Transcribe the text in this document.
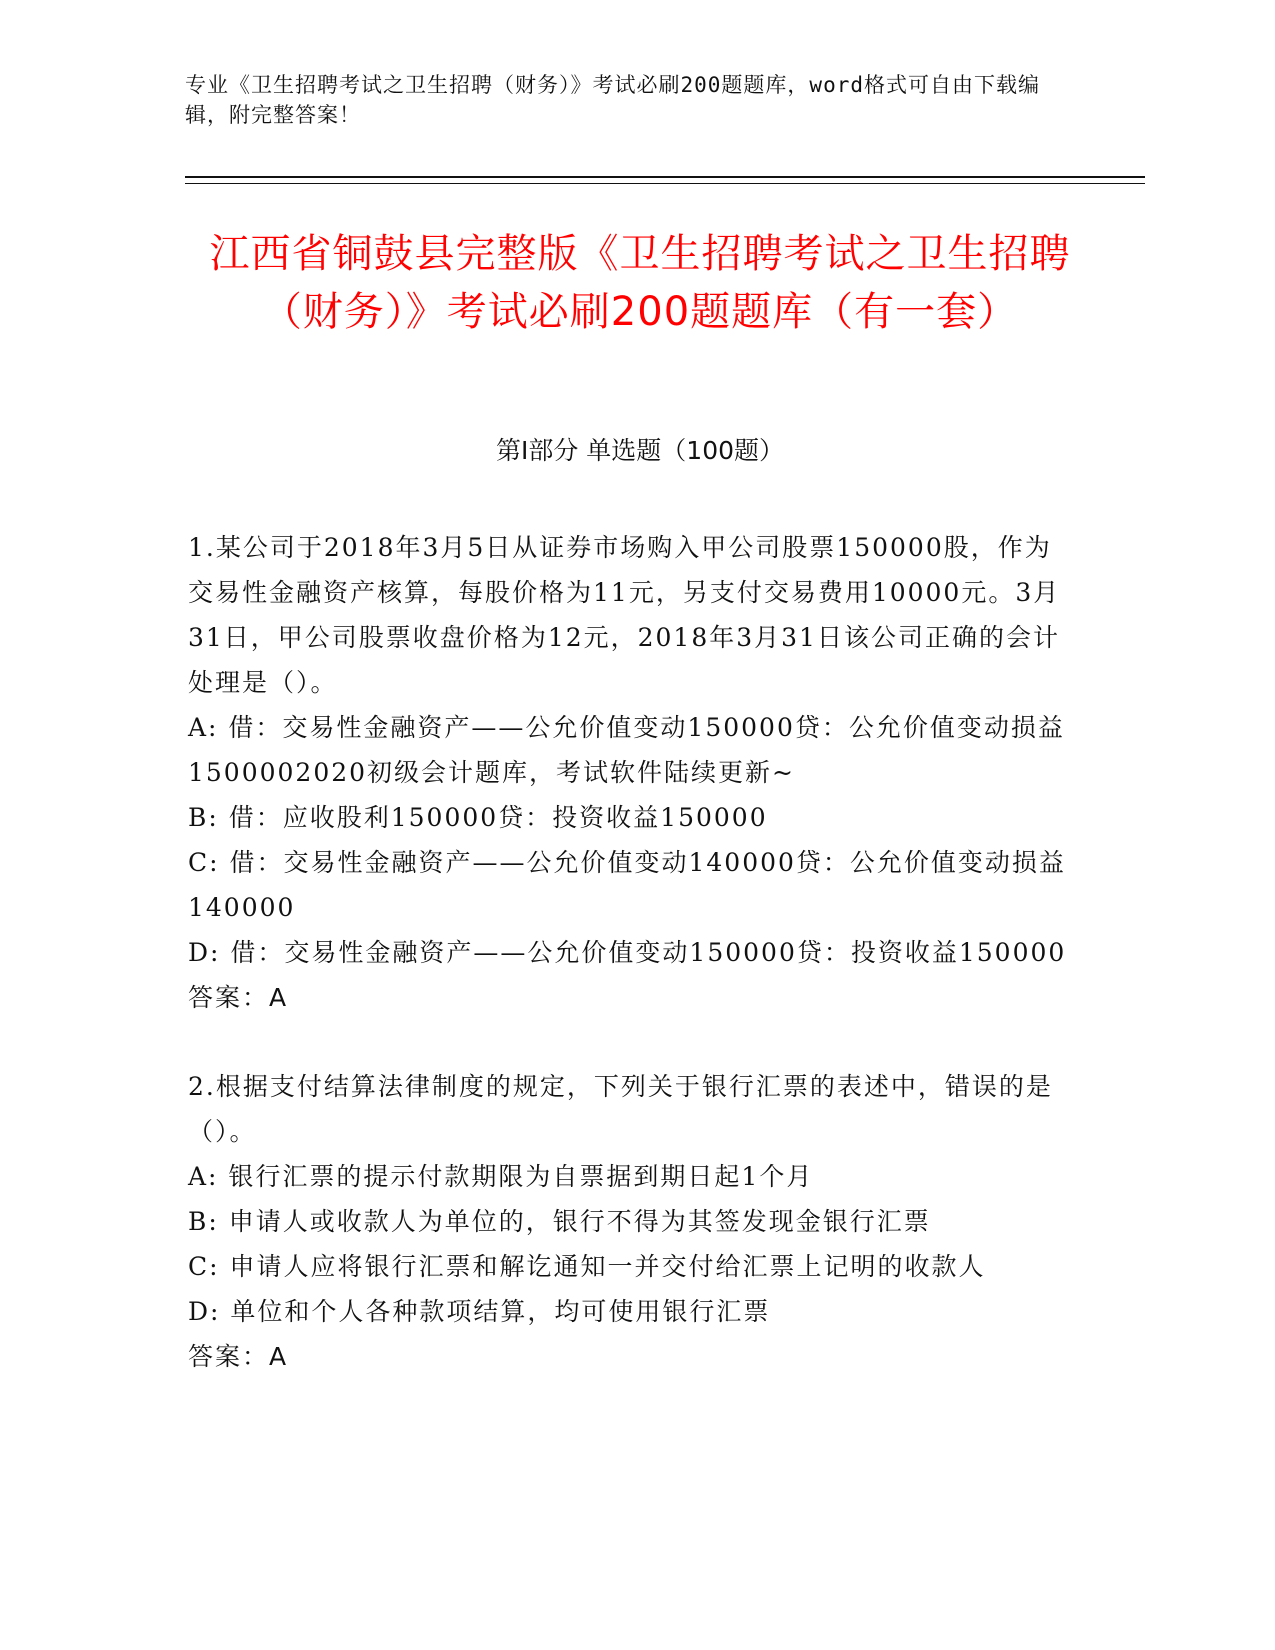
专业《卫生招聘考试之卫生招聘（财务）》考试必刷200题题库，word格式可自由下载编辑，附完整答案！
江西省铜鼓县完整版《卫生招聘考试之卫生招聘（财务）》考试必刷200题题库（有一套）
第Ⅰ部分 单选题（100题）

1.某公司于2018年3月5日从证券市场购入甲公司股票150000股，作为交易性金融资产核算，每股价格为11元，另支付交易费用10000元。3月31日，甲公司股票收盘价格为12元，2018年3月31日该公司正确的会计处理是（）。

A: 借：交易性金融资产——公允价值变动150000贷：公允价值变动损益1500002020初级会计题库，考试软件陆续更新~

B: 借：应收股利150000贷：投资收益150000

C: 借：交易性金融资产——公允价值变动140000贷：公允价值变动损益140000

D: 借：交易性金融资产——公允价值变动150000贷：投资收益150000

答案：A

2.根据支付结算法律制度的规定，下列关于银行汇票的表述中，错误的是（）。

A: 银行汇票的提示付款期限为自票据到期日起1个月

B: 申请人或收款人为单位的，银行不得为其签发现金银行汇票

C: 申请人应将银行汇票和解讫通知一并交付给汇票上记明的收款人

D: 单位和个人各种款项结算，均可使用银行汇票

答案：A
